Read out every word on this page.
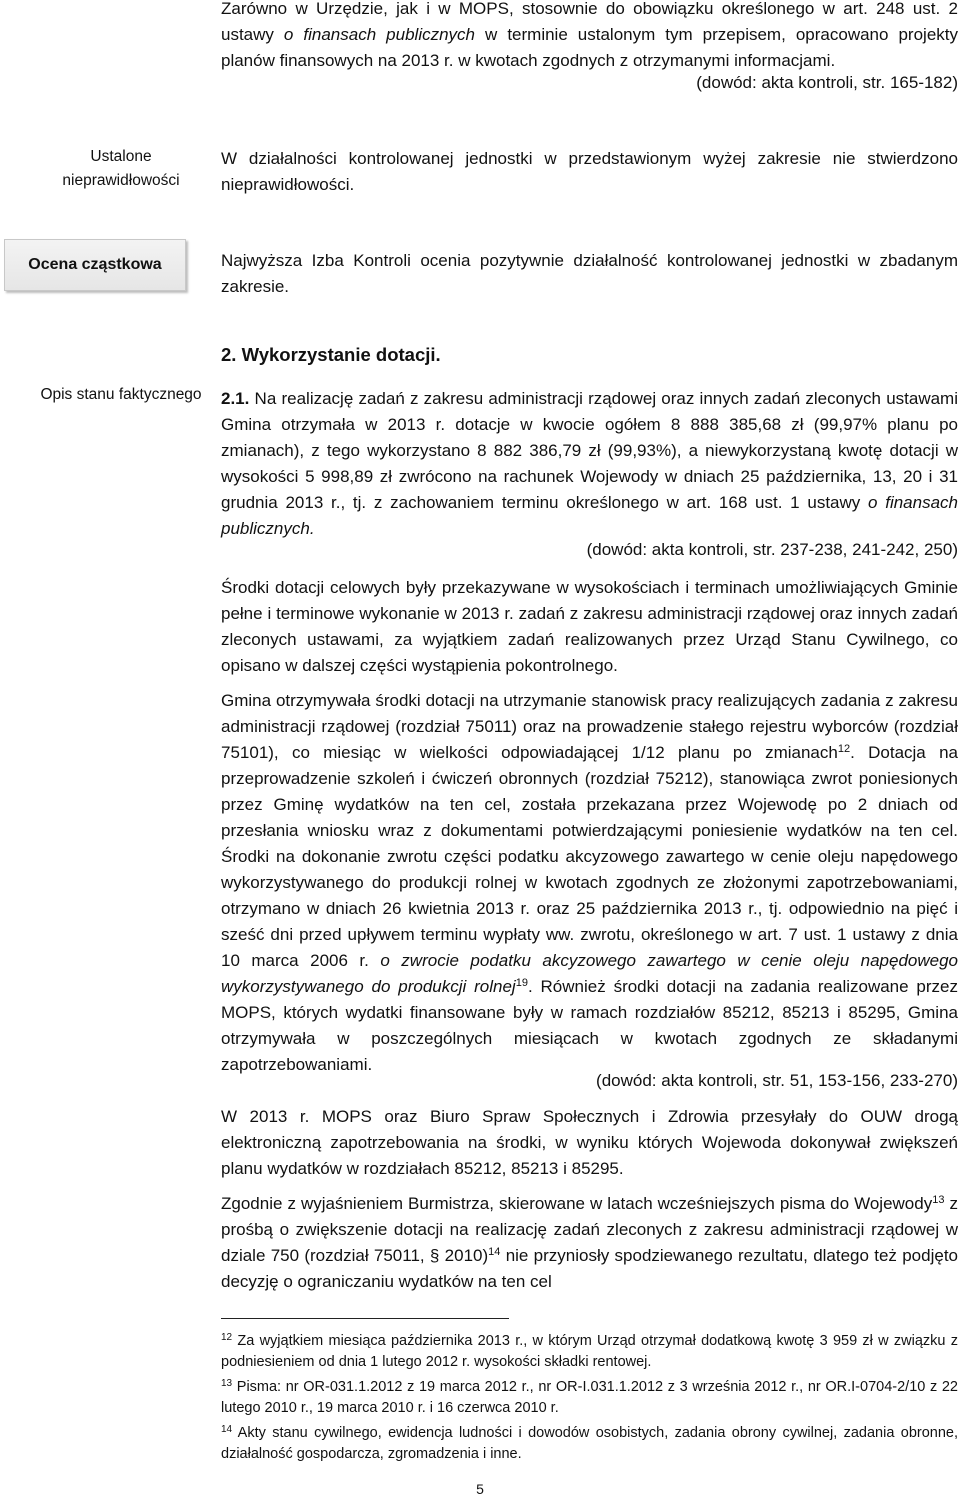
Zarówno w Urzędzie, jak i w MOPS, stosownie do obowiązku określonego w art. 248 ust. 2 ustawy o finansach publicznych w terminie ustalonym tym przepisem, opracowano projekty planów finansowych na 2013 r. w kwotach zgodnych z otrzymanymi informacjami.

(dowód: akta kontroli, str. 165-182)

Ustalone nieprawidłowości

W działalności kontrolowanej jednostki w przedstawionym wyżej zakresie nie stwierdzono nieprawidłowości.

Ocena cząstkowa	Najwyższa Izba Kontroli ocenia pozytywnie działalność kontrolowanej jednostki w zbadanym zakresie.

Opis stanu faktycznego
2. Wykorzystanie dotacji.

2.1. Na realizację zadań z zakresu administracji rządowej oraz innych zadań zleconych ustawami Gmina otrzymała w 2013 r. dotacje w kwocie ogółem 8 888 385,68 zł (99,97% planu po zmianach), z tego wykorzystano 8 882 386,79 zł (99,93%), a niewykorzystaną kwotę dotacji w wysokości 5 998,89 zł zwrócono na rachunek Wojewody w dniach 25 października, 13, 20 i 31 grudnia 2013 r., tj. z zachowaniem terminu określonego w art. 168 ust. 1 ustawy o finansach publicznych.

(dowód: akta kontroli, str. 237-238, 241-242, 250)

Środki dotacji celowych były przekazywane w wysokościach i terminach umożliwiających Gminie pełne i terminowe wykonanie w 2013 r. zadań z zakresu administracji rządowej oraz innych zadań zleconych ustawami, za wyjątkiem zadań realizowanych przez Urząd Stanu Cywilnego, co opisano w dalszej części wystąpienia pokontrolnego.

Gmina otrzymywała środki dotacji na utrzymanie stanowisk pracy realizujących zadania z zakresu administracji rządowej (rozdział 75011) oraz na prowadzenie stałego rejestru wyborców (rozdział 75101), co miesiąc w wielkości odpowiadającej 1/12 planu po zmianach$^{12}$. Dotacja na przeprowadzenie szkoleń i ćwiczeń obronnych (rozdział 75212), stanowiąca zwrot poniesionych przez Gminę wydatków na ten cel, została przekazana przez Wojewodę po 2 dniach od przesłania wniosku wraz z dokumentami potwierdzającymi poniesienie wydatków na ten cel. Środki na dokonanie zwrotu części podatku akcyzowego zawartego w cenie oleju napędowego wykorzystywanego do produkcji rolnej w kwotach zgodnych ze złożonymi zapotrzebowaniami, otrzymano w dniach 26 kwietnia 2013 r. oraz 25 października 2013 r., tj. odpowiednio na pięć i sześć dni przed upływem terminu wypłaty ww. zwrotu, określonego w art. 7 ust. 1 ustawy z dnia 10 marca 2006 r. o zwrocie podatku akcyzowego zawartego w cenie oleju napędowego wykorzystywanego do produkcji rolnej$^{19}$. Również środki dotacji na zadania realizowane przez MOPS, których wydatki finansowane były w ramach rozdziałów 85212, 85213 i 85295, Gmina otrzymywała w poszczególnych miesiącach w kwotach zgodnych ze składanymi zapotrzebowaniami.

(dowód: akta kontroli, str. 51, 153-156, 233-270)

W 2013 r. MOPS oraz Biuro Spraw Społecznych i Zdrowia przesyłały do OUW drogą elektroniczną zapotrzebowania na środki, w wyniku których Wojewoda dokonywał zwiększeń planu wydatków w rozdziałach 85212, 85213 i 85295.

Zgodnie z wyjaśnieniem Burmistrza, skierowane w latach wcześniejszych pisma do Wojewody$^{13}$ z prośbą o zwiększenie dotacji na realizację zadań zleconych z zakresu administracji rządowej w dziale 750 (rozdział 75011, § 2010)$^{14}$ nie przyniosły spodziewanego rezultatu, dlatego też podjęto decyzję o ograniczaniu wydatków na ten cel

$^{12}$ Za wyjątkiem miesiąca października 2013 r., w którym Urząd otrzymał dodatkową kwotę 3 959 zł w związku z podniesieniem od dnia 1 lutego 2012 r. wysokości składki rentowej.

$^{13}$ Pisma: nr OR-031.1.2012 z 19 marca 2012 r., nr OR-I.031.1.2012 z 3 września 2012 r., nr OR.I-0704-2/10 z 22 lutego 2010 r., 19 marca 2010 r. i 16 czerwca 2010 r.

$^{14}$ Akty stanu cywilnego, ewidencja ludności i dowodów osobistych, zadania obrony cywilnej, zadania obronne, działalność gospodarcza, zgromadzenia i inne.

5
